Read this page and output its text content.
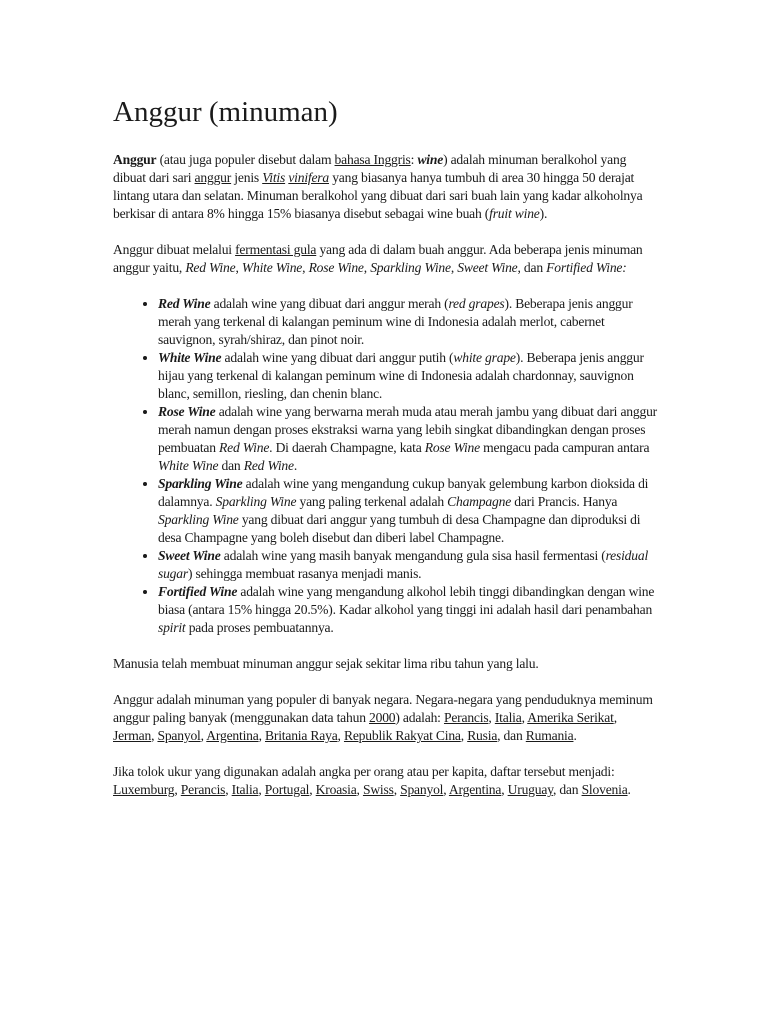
Anggur (minuman)

Anggur (atau juga populer disebut dalam bahasa Inggris: wine) adalah minuman beralkohol yang dibuat dari sari anggur jenis Vitis vinifera yang biasanya hanya tumbuh di area 30 hingga 50 derajat lintang utara dan selatan. Minuman beralkohol yang dibuat dari sari buah lain yang kadar alkoholnya berkisar di antara 8% hingga 15% biasanya disebut sebagai wine buah (fruit wine).

Anggur dibuat melalui fermentasi gula yang ada di dalam buah anggur. Ada beberapa jenis minuman anggur yaitu, Red Wine, White Wine, Rose Wine, Sparkling Wine, Sweet Wine, dan Fortified Wine:

• Red Wine adalah wine yang dibuat dari anggur merah (red grapes). Beberapa jenis anggur merah yang terkenal di kalangan peminum wine di Indonesia adalah merlot, cabernet sauvignon, syrah/shiraz, dan pinot noir.
• White Wine adalah wine yang dibuat dari anggur putih (white grape). Beberapa jenis anggur hijau yang terkenal di kalangan peminum wine di Indonesia adalah chardonnay, sauvignon blanc, semillon, riesling, dan chenin blanc.
• Rose Wine adalah wine yang berwarna merah muda atau merah jambu yang dibuat dari anggur merah namun dengan proses ekstraksi warna yang lebih singkat dibandingkan dengan proses pembuatan Red Wine. Di daerah Champagne, kata Rose Wine mengacu pada campuran antara White Wine dan Red Wine.
• Sparkling Wine adalah wine yang mengandung cukup banyak gelembung karbon dioksida di dalamnya. Sparkling Wine yang paling terkenal adalah Champagne dari Prancis. Hanya Sparkling Wine yang dibuat dari anggur yang tumbuh di desa Champagne dan diproduksi di desa Champagne yang boleh disebut dan diberi label Champagne.
• Sweet Wine adalah wine yang masih banyak mengandung gula sisa hasil fermentasi (residual sugar) sehingga membuat rasanya menjadi manis.
• Fortified Wine adalah wine yang mengandung alkohol lebih tinggi dibandingkan dengan wine biasa (antara 15% hingga 20.5%). Kadar alkohol yang tinggi ini adalah hasil dari penambahan spirit pada proses pembuatannya.

Manusia telah membuat minuman anggur sejak sekitar lima ribu tahun yang lalu.

Anggur adalah minuman yang populer di banyak negara. Negara-negara yang penduduknya meminum anggur paling banyak (menggunakan data tahun 2000) adalah: Perancis, Italia, Amerika Serikat, Jerman, Spanyol, Argentina, Britania Raya, Republik Rakyat Cina, Rusia, dan Rumania.

Jika tolok ukur yang digunakan adalah angka per orang atau per kapita, daftar tersebut menjadi: Luxemburg, Perancis, Italia, Portugal, Kroasia, Swiss, Spanyol, Argentina, Uruguay, dan Slovenia.
